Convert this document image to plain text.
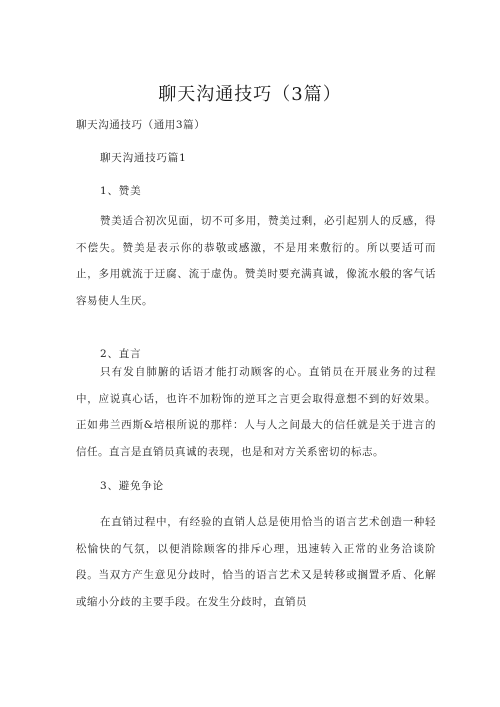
聊天沟通技巧（3篇）
聊天沟通技巧（通用3篇）
聊天沟通技巧篇1
1、赞美

赞美适合初次见面，切不可多用，赞美过剩，必引起别人的反感，得不偿失。赞美是表示你的恭敬或感激，不是用来敷衍的。所以要适可而止，多用就流于迂腐、流于虚伪。赞美时要充满真诚，像流水般的客气话容易使人生厌。

2、直言

只有发自肺腑的话语才能打动顾客的心。直销员在开展业务的过程中，应说真心话，也许不加粉饰的逆耳之言更会取得意想不到的好效果。正如弗兰西斯&培根所说的那样：人与人之间最大的信任就是关于进言的信任。直言是直销员真诚的表现，也是和对方关系密切的标志。

3、避免争论

在直销过程中，有经验的直销人总是使用恰当的语言艺术创造一种轻松愉快的气氛，以便消除顾客的排斥心理，迅速转入正常的业务洽谈阶段。当双方产生意见分歧时，恰当的语言艺术又是转移或搁置矛盾、化解或缩小分歧的主要手段。在发生分歧时，直销员
